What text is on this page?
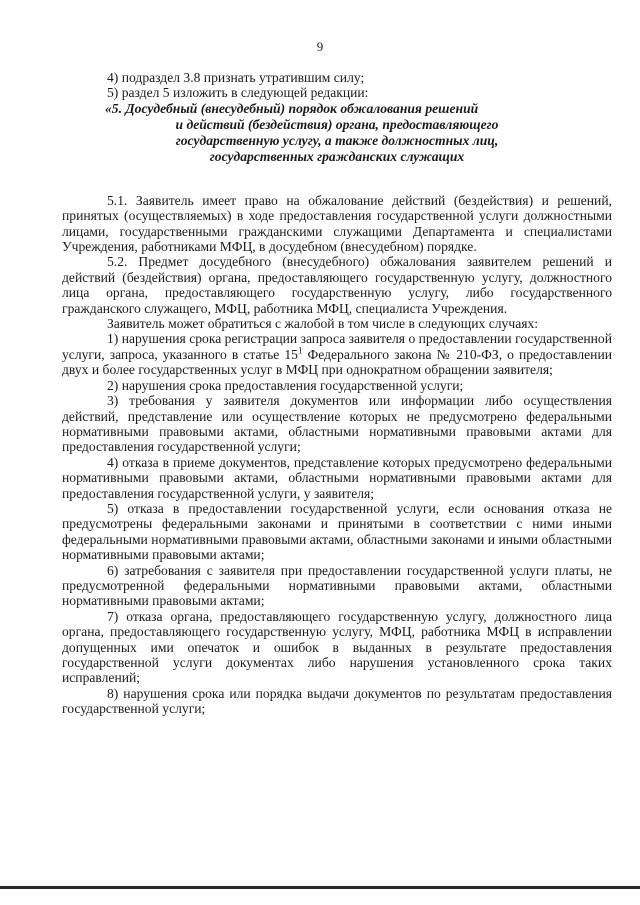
9

4) подраздел 3.8 признать утратившим силу;

5) раздел 5 изложить в следующей редакции:

«5. Досудебный (внесудебный) порядок обжалования решений
и действий (бездействия) органа, предоставляющего
государственную услугу, а также должностных лиц,
государственных гражданских служащих

5.1. Заявитель имеет право на обжалование действий (бездействия) и решений, принятых (осуществляемых) в ходе предоставления государственной услуги должностными лицами, государственными гражданскими служащими Департамента и специалистами Учреждения, работниками МФЦ, в досудебном (внесудебном) порядке.

5.2. Предмет досудебного (внесудебного) обжалования заявителем решений и действий (бездействия) органа, предоставляющего государственную услугу, должностного лица органа, предоставляющего государственную услугу, либо государственного гражданского служащего, МФЦ, работника МФЦ, специалиста Учреждения.

Заявитель может обратиться с жалобой в том числе в следующих случаях:

1) нарушения срока регистрации запроса заявителя о предоставлении государственной услуги, запроса, указанного в статье $15^1$ Федерального закона № 210-ФЗ, о предоставлении двух и более государственных услуг в МФЦ при однократном обращении заявителя;

2) нарушения срока предоставления государственной услуги;

3) требования у заявителя документов или информации либо осуществления действий, представление или осуществление которых не предусмотрено федеральными нормативными правовыми актами, областными нормативными правовыми актами для предоставления государственной услуги;

4) отказа в приеме документов, представление которых предусмотрено федеральными нормативными правовыми актами, областными нормативными правовыми актами для предоставления государственной услуги, у заявителя;

5) отказа в предоставлении государственной услуги, если основания отказа не предусмотрены федеральными законами и принятыми в соответствии с ними иными федеральными нормативными правовыми актами, областными законами и иными областными нормативными правовыми актами;

6) затребования с заявителя при предоставлении государственной услуги платы, не предусмотренной федеральными нормативными правовыми актами, областными нормативными правовыми актами;

7) отказа органа, предоставляющего государственную услугу, должностного лица органа, предоставляющего государственную услугу, МФЦ, работника МФЦ в исправлении допущенных ими опечаток и ошибок в выданных в результате предоставления государственной услуги документах либо нарушения установленного срока таких исправлений;

8) нарушения срока или порядка выдачи документов по результатам предоставления государственной услуги;
